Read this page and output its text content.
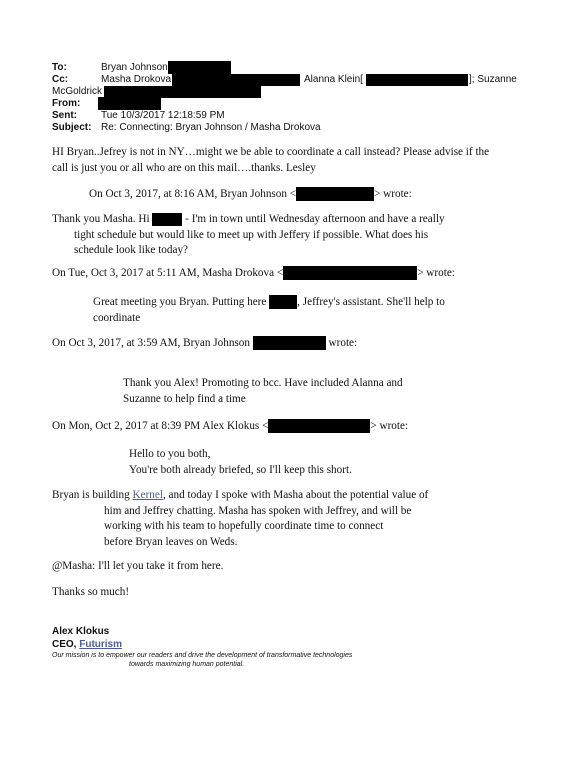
To:	Bryan Johnson
Cc:	Masha Drokova	Alanna Klein[	]; Suzanne
McGoldrick
From:
Sent: Tue 10/3/2017 12:18:59 PM
Subject: Re: Connecting: Bryan Johnson / Masha Drokova
HI Bryan..Jefrey is not in NY…might we be able to coordinate a call instead? Please advise if the
call is just you or all who are on this mail….thanks. Lesley
On Oct 3, 2017, at 8:16 AM, Bryan Johnson <	> wrote:
Thank you Masha. Hi	- I'm in town until Wednesday afternoon and have a really
tight schedule but would like to meet up with Jeffery if possible. What does his
schedule look like today?
On Tue, Oct 3, 2017 at 5:11 AM, Masha Drokova <	> wrote:
Great meeting you Bryan. Putting here	, Jeffrey's assistant. She'll help to
coordinate
On Oct 3, 2017, at 3:59 AM, Bryan Johnson	wrote:
Thank you Alex! Promoting to bcc. Have included Alanna and
Suzanne to help find a time
On Mon, Oct 2, 2017 at 8:39 PM Alex Klokus <	> wrote:
Hello to you both,
You're both already briefed, so I'll keep this short.
Bryan is building Kernel, and today I spoke with Masha about the potential value of
him and Jeffrey chatting. Masha has spoken with Jeffrey, and will be
working with his team to hopefully coordinate time to connect
before Bryan leaves on Weds.
@Masha: I'll let you take it from here.
Thanks so much!
Alex Klokus
CEO, Futurism
Our mission is to empower our readers and drive the development of transformative technologies
towards maximizing human potential.
